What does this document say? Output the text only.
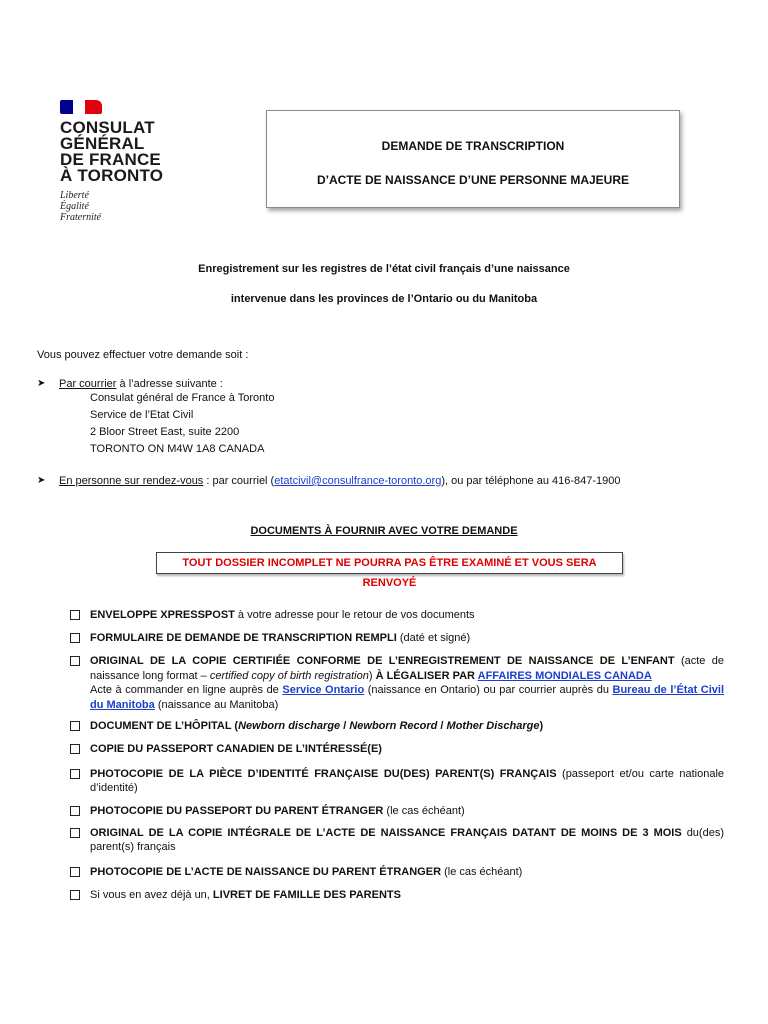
CONSULAT
GÉNÉRAL
DE FRANCE
À TORONTO
Liberté
Égalité
Fraternité
DEMANDE DE TRANSCRIPTION
D’ACTE DE NAISSANCE D’UNE PERSONNE MAJEURE
Enregistrement sur les registres de l’état civil français d’une naissance
intervenue dans les provinces de l’Ontario ou du Manitoba
Vous pouvez effectuer votre demande soit :
➤ Par courrier à l’adresse suivante :
Consulat général de France à Toronto
Service de l’Etat Civil
2 Bloor Street East, suite 2200
TORONTO ON M4W 1A8 CANADA
➤ En personne sur rendez-vous : par courriel (etatcivil@consulfrance-toronto.org), ou par téléphone au 416-847-1900
DOCUMENTS À FOURNIR AVEC VOTRE DEMANDE
TOUT DOSSIER INCOMPLET NE POURRA PAS ÊTRE EXAMINÉ ET VOUS SERA RENVOYÉ
ENVELOPPE XPRESSPOST à votre adresse pour le retour de vos documents
FORMULAIRE DE DEMANDE DE TRANSCRIPTION REMPLI (daté et signé)
ORIGINAL DE LA COPIE CERTIFIÉE CONFORME DE L’ENREGISTREMENT DE NAISSANCE DE L’ENFANT (acte de naissance long format – certified copy of birth registration) À LÉGALISER PAR AFFAIRES MONDIALES CANADA
Acte à commander en ligne auprès de Service Ontario (naissance en Ontario) ou par courrier auprès du Bureau de l’État Civil du Manitoba (naissance au Manitoba)
DOCUMENT DE L’HÔPITAL (Newborn discharge / Newborn Record / Mother Discharge)
COPIE DU PASSEPORT CANADIEN DE L’INTÉRESSÉ(E)
PHOTOCOPIE DE LA PIÈCE D’IDENTITÉ FRANÇAISE DU(DES) PARENT(S) FRANÇAIS (passeport et/ou carte nationale d’identité)
PHOTOCOPIE DU PASSEPORT DU PARENT ÉTRANGER (le cas échéant)
ORIGINAL DE LA COPIE INTÉGRALE DE L’ACTE DE NAISSANCE FRANÇAIS DATANT DE MOINS DE 3 MOIS du(des) parent(s) français
PHOTOCOPIE DE L’ACTE DE NAISSANCE DU PARENT ÉTRANGER (le cas échéant)
Si vous en avez déjà un, LIVRET DE FAMILLE DES PARENTS
